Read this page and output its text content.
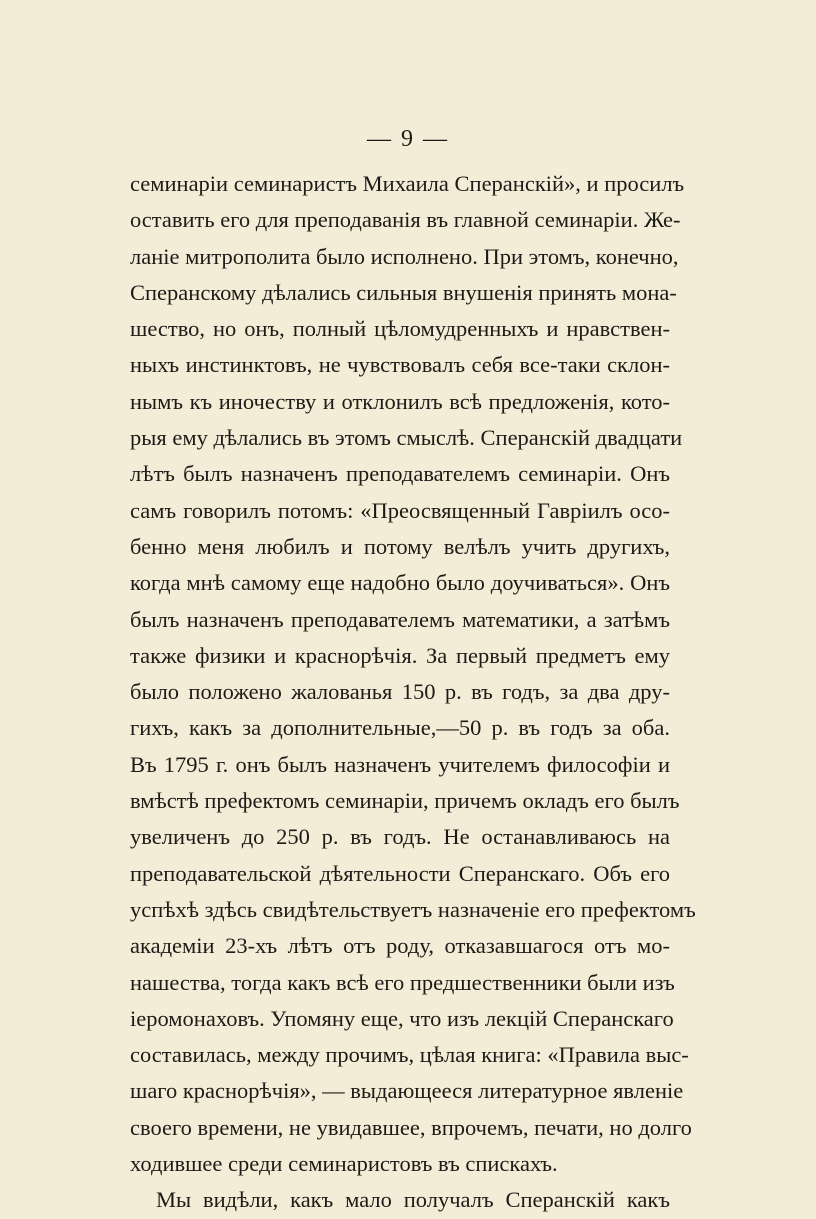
— 9 —
семинаріи семинаристъ Михаила Сперанскій», и просилъ
оставить его для преподаванія въ главной семинаріи. Же-
ланіе митрополита было исполнено. При этомъ, конечно,
Сперанскому дѣлались сильныя внушенія принять мона-
шество, но онъ, полный цѣломудренныхъ и нравствен-
ныхъ инстинктовъ, не чувствовалъ себя все-таки склон-
нымъ къ иночеству и отклонилъ всѣ предложенія, кото-
рыя ему дѣлались въ этомъ смыслѣ. Сперанскій двадцати
лѣтъ былъ назначенъ преподавателемъ семинаріи. Онъ
самъ говорилъ потомъ: «Преосвященный Гавріилъ осо-
бенно меня любилъ и потому велѣлъ учить другихъ,
когда мнѣ самому еще надобно было доучиваться». Онъ
былъ назначенъ преподавателемъ математики, а затѣмъ
также физики и краснорѣчія. За первый предметъ ему
было положено жалованья 150 р. въ годъ, за два дру-
гихъ, какъ за дополнительные,—50 р. въ годъ за оба.
Въ 1795 г. онъ былъ назначенъ учителемъ философіи и
вмѣстѣ префектомъ семинаріи, причемъ окладъ его былъ
увеличенъ до 250 р. въ годъ. Не останавливаюсь на
преподавательской дѣятельности Сперанскаго. Объ его
успѣхѣ здѣсь свидѣтельствуетъ назначеніе его префектомъ
академіи 23-хъ лѣтъ отъ роду, отказавшагося отъ мо-
нашества, тогда какъ всѣ его предшественники были изъ
іеромонаховъ. Упомяну еще, что изъ лекцій Сперанскаго
составилась, между прочимъ, цѣлая книга: «Правила выс-
шаго краснорѣчія», — выдающееся литературное явленіе
своего времени, не увидавшее, впрочемъ, печати, но долго
ходившее среди семинаристовъ въ спискахъ.
Мы видѣли, какъ мало получалъ Сперанскій какъ
